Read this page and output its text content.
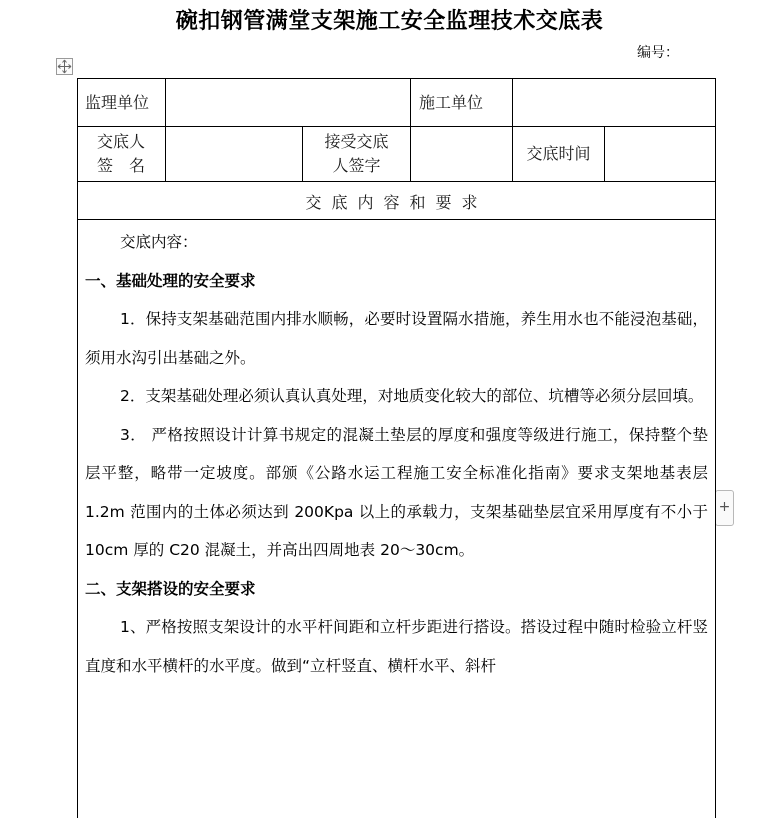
碗扣钢管满堂支架施工安全监理技术交底表
编号：
+
监理单位	施工单位
交底人
签名
接受交底
人签字
交底时间
交底内容和要求

交底内容：

一、基础处理的安全要求

1．保持支架基础范围内排水顺畅，必要时设置隔水措施，养生用水也不能浸泡基础，须用水沟引出基础之外。

2．支架基础处理必须认真认真处理，对地质变化较大的部位、坑槽等必须分层回填。

3． 严格按照设计计算书规定的混凝土垫层的厚度和强度等级进行施工，保持整个垫层平整，略带一定坡度。部颁《公路水运工程施工安全标准化指南》要求支架地基表层 1.2m 范围内的土体必须达到 200Kpa 以上的承载力，支架基础垫层宜采用厚度有不小于 10cm 厚的 C20 混凝土，并高出四周地表 20～30cm。

二、支架搭设的安全要求

1、严格按照支架设计的水平杆间距和立杆步距进行搭设。搭设过程中随时检验立杆竖直度和水平横杆的水平度。做到“立杆竖直、横杆水平、斜杆
